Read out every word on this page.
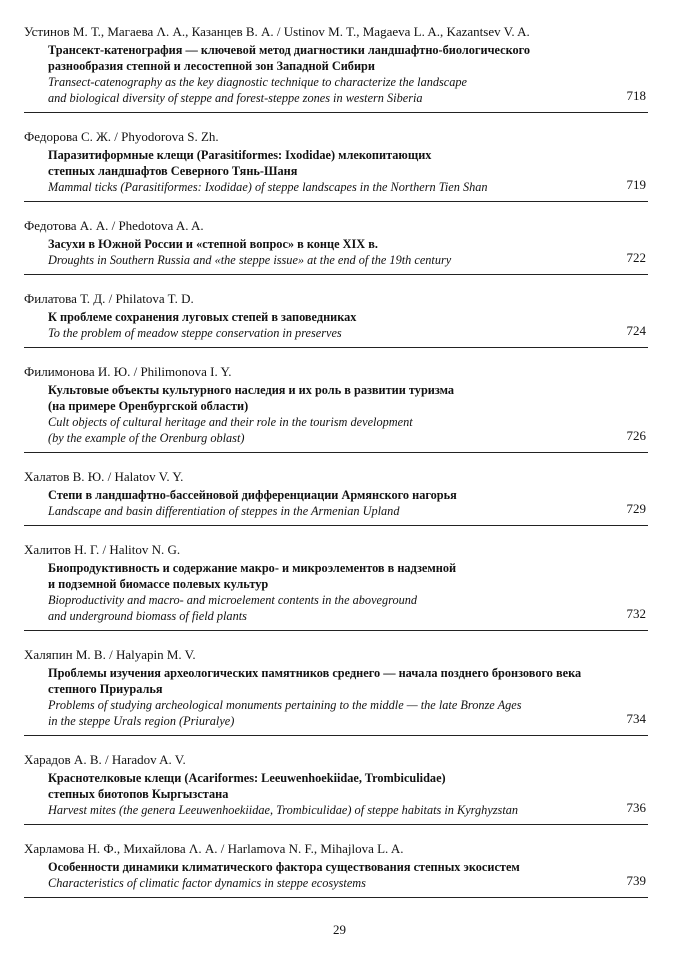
Устинов М. Т., Магаева Λ. А., Казанцев В. А. / Ustinov M. T., Magaeva L. A., Kazantsev V. A.
Трансект-катенография — ключевой метод диагностики ландшафтно-биологического
разнообразия степной и лесостепной зон Западной Сибири
Transect-catenography as the key diagnostic technique to characterize the landscape
and biological diversity of steppe and forest-steppe zones in western Siberia	718
Федорова С. Ж. / Phyodorova S. Zh.
Паразитиформные клещи (Parasitiformes: Ixodidae) млекопитающих
степных ландшафтов Северного Тянь-Шаня
Mammal ticks (Parasitiformes: Ixodidae) of steppe landscapes in the Northern Tien Shan	719
Федотова А. А. / Phedotova A. A.
Засухи в Южной России и «степной вопрос» в конце XIX в.
Droughts in Southern Russia and «the steppe issue» at the end of the 19th century	722
Филатова Т. Д. / Philatova T. D.
К проблеме сохранения луговых степей в заповедниках
To the problem of meadow steppe conservation in preserves	724
Филимонова И. Ю. / Philimonova I. Y.
Культовые объекты культурного наследия и их роль в развитии туризма
(на примере Оренбургской области)
Cult objects of cultural heritage and their role in the tourism development
(by the example of the Orenburg oblast)	726
Халатов В. Ю. / Halatov V. Y.
Степи в ландшафтно-бассейновой дифференциации Армянского нагорья
Landscape and basin differentiation of steppes in the Armenian Upland	729
Халитов Н. Г. / Halitov N. G.
Биопродуктивность и содержание макро- и микроэлементов в надземной
и подземной биомассе полевых культур
Bioproductivity and macro- and microelement contents in the aboveground
and underground biomass of field plants	732
Халяпин М. В. / Halyapin M. V.
Проблемы изучения археологических памятников среднего — начала позднего бронзового века
степного Приуралья
Problems of studying archeological monuments pertaining to the middle — the late Bronze Ages
in the steppe Urals region (Priuralye)	734
Харадов А. В. / Haradov A. V.
Краснотелковые клещи (Acariformes: Leeuwenhoekiidae, Trombiculidae)
степных биотопов Кыргызстана
Harvest mites (the genera Leeuwenhoekiidae, Trombiculidae) of steppe habitats in Kyrghyzstan	736
Харламова Н. Ф., Михайлова Λ. А. / Harlamova N. F., Mihajlova L. A.
Особенности динамики климатического фактора существования степных экосистем
Characteristics of climatic factor dynamics in steppe ecosystems	739
29
